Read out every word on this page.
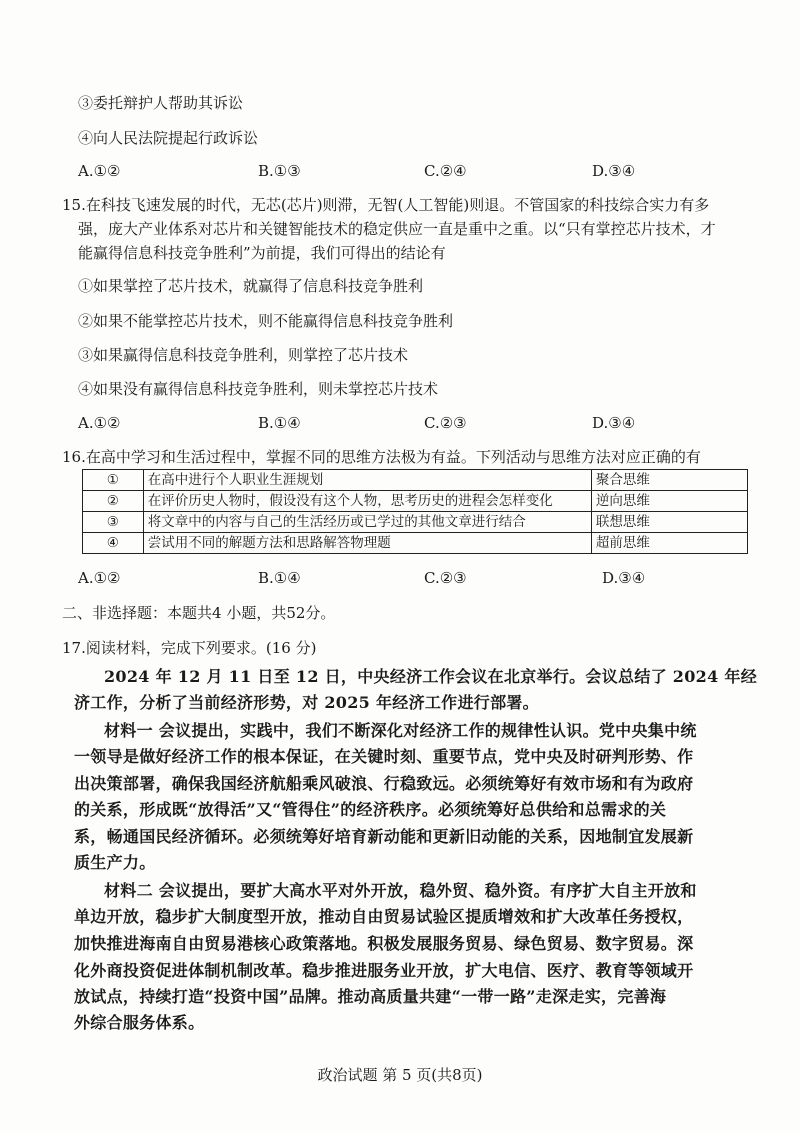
③委托辩护人帮助其诉讼
④向人民法院提起行政诉讼
A.①②	B.①③	C.②④	D.③④
15.在科技飞速发展的时代，无芯(芯片)则滞，无智(人工智能)则退。不管国家的科技综合实力有多
强，庞大产业体系对芯片和关键智能技术的稳定供应一直是重中之重。以“只有掌控芯片技术，才
能赢得信息科技竞争胜利”为前提，我们可得出的结论有
①如果掌控了芯片技术，就赢得了信息科技竞争胜利
②如果不能掌控芯片技术，则不能赢得信息科技竞争胜利
③如果赢得信息科技竞争胜利，则掌控了芯片技术
④如果没有赢得信息科技竞争胜利，则未掌控芯片技术
A.①②	B.①④	C.②③	D.③④
16.在高中学习和生活过程中，掌握不同的思维方法极为有益。下列活动与思维方法对应正确的有
①	在高中进行个人职业生涯规划	聚合思维
②	在评价历史人物时，假设没有这个人物，思考历史的进程会怎样变化	逆向思维
③	将文章中的内容与自己的生活经历或已学过的其他文章进行结合	联想思维
④	尝试用不同的解题方法和思路解答物理题	超前思维
A.①②	B.①④	C.②③	D.③④
二、非选择题：本题共4 小题，共52分。
17.阅读材料，完成下列要求。(16 分)
2024 年 12 月 11 日至 12 日，中央经济工作会议在北京举行。会议总结了 2024 年经
济工作，分析了当前经济形势，对 2025 年经济工作进行部署。
材料一 会议提出，实践中，我们不断深化对经济工作的规律性认识。党中央集中统
一领导是做好经济工作的根本保证，在关键时刻、重要节点，党中央及时研判形势、作
出决策部署，确保我国经济航船乘风破浪、行稳致远。必须统筹好有效市场和有为政府
的关系，形成既“放得活”又“管得住”的经济秩序。必须统筹好总供给和总需求的关
系，畅通国民经济循环。必须统筹好培育新动能和更新旧动能的关系，因地制宜发展新
质生产力。
材料二 会议提出，要扩大高水平对外开放，稳外贸、稳外资。有序扩大自主开放和
单边开放，稳步扩大制度型开放，推动自由贸易试验区提质增效和扩大改革任务授权，
加快推进海南自由贸易港核心政策落地。积极发展服务贸易、绿色贸易、数字贸易。深
化外商投资促进体制机制改革。稳步推进服务业开放，扩大电信、医疗、教育等领域开
放试点，持续打造“投资中国”品牌。推动高质量共建“一带一路”走深走实，完善海
外综合服务体系。
政治试题 第 5 页(共8页)
